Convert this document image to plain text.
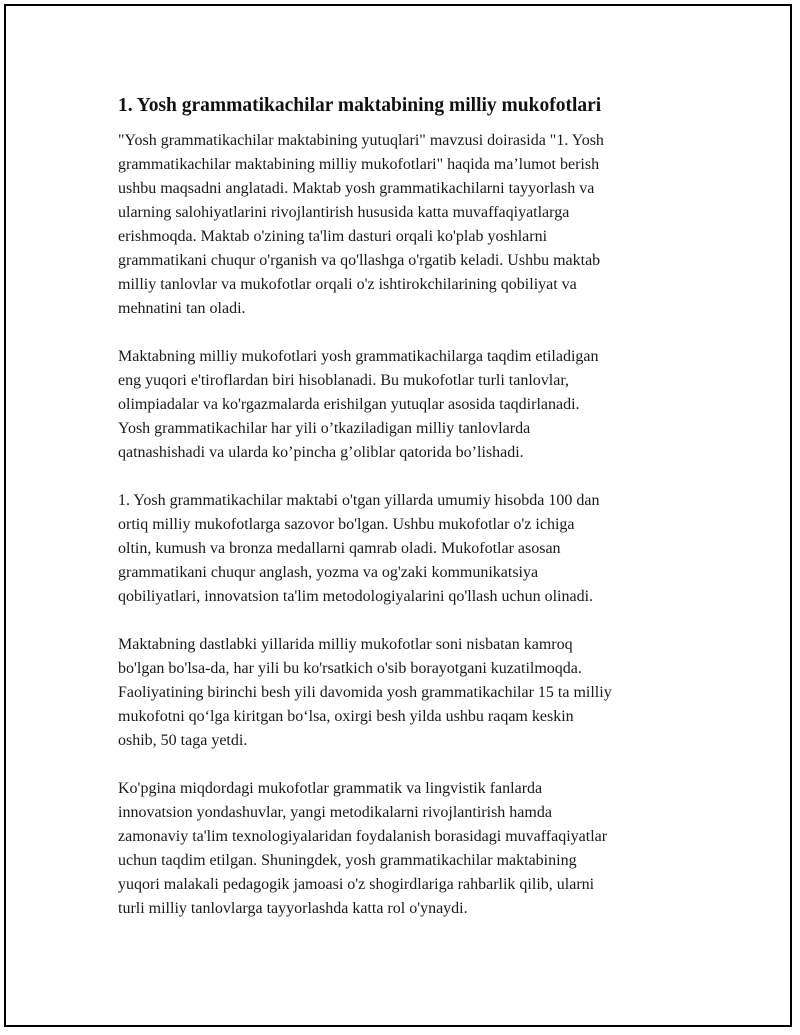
1. Yosh grammatikachilar maktabining milliy mukofotlari

"Yosh grammatikachilar maktabining yutuqlari" mavzusi doirasida "1. Yosh
grammatikachilar maktabining milliy mukofotlari" haqida ma’lumot berish
ushbu maqsadni anglatadi. Maktab yosh grammatikachilarni tayyorlash va
ularning salohiyatlarini rivojlantirish hususida katta muvaffaqiyatlarga
erishmoqda. Maktab o'zining ta'lim dasturi orqali ko'plab yoshlarni
grammatikani chuqur o'rganish va qo'llashga o'rgatib keladi. Ushbu maktab
milliy tanlovlar va mukofotlar orqali o'z ishtirokchilarining qobiliyat va
mehnatini tan oladi.

Maktabning milliy mukofotlari yosh grammatikachilarga taqdim etiladigan
eng yuqori e'tiroflardan biri hisoblanadi. Bu mukofotlar turli tanlovlar,
olimpiadalar va ko'rgazmalarda erishilgan yutuqlar asosida taqdirlanadi.
Yosh grammatikachilar har yili o’tkaziladigan milliy tanlovlarda
qatnashishadi va ularda ko’pincha g’oliblar qatorida bo’lishadi.

1. Yosh grammatikachilar maktabi o'tgan yillarda umumiy hisobda 100 dan
ortiq milliy mukofotlarga sazovor bo'lgan. Ushbu mukofotlar o'z ichiga
oltin, kumush va bronza medallarni qamrab oladi. Mukofotlar asosan
grammatikani chuqur anglash, yozma va og'zaki kommunikatsiya
qobiliyatlari, innovatsion ta'lim metodologiyalarini qo'llash uchun olinadi.

Maktabning dastlabki yillarida milliy mukofotlar soni nisbatan kamroq
bo'lgan bo'lsa-da, har yili bu ko'rsatkich o'sib borayotgani kuzatilmoqda.
Faoliyatining birinchi besh yili davomida yosh grammatikachilar 15 ta milliy
mukofotni qo‘lga kiritgan bo‘lsa, oxirgi besh yilda ushbu raqam keskin
oshib, 50 taga yetdi.

Ko'pgina miqdordagi mukofotlar grammatik va lingvistik fanlarda
innovatsion yondashuvlar, yangi metodikalarni rivojlantirish hamda
zamonaviy ta'lim texnologiyalaridan foydalanish borasidagi muvaffaqiyatlar
uchun taqdim etilgan. Shuningdek, yosh grammatikachilar maktabining
yuqori malakali pedagogik jamoasi o'z shogirdlariga rahbarlik qilib, ularni
turli milliy tanlovlarga tayyorlashda katta rol o'ynaydi.
